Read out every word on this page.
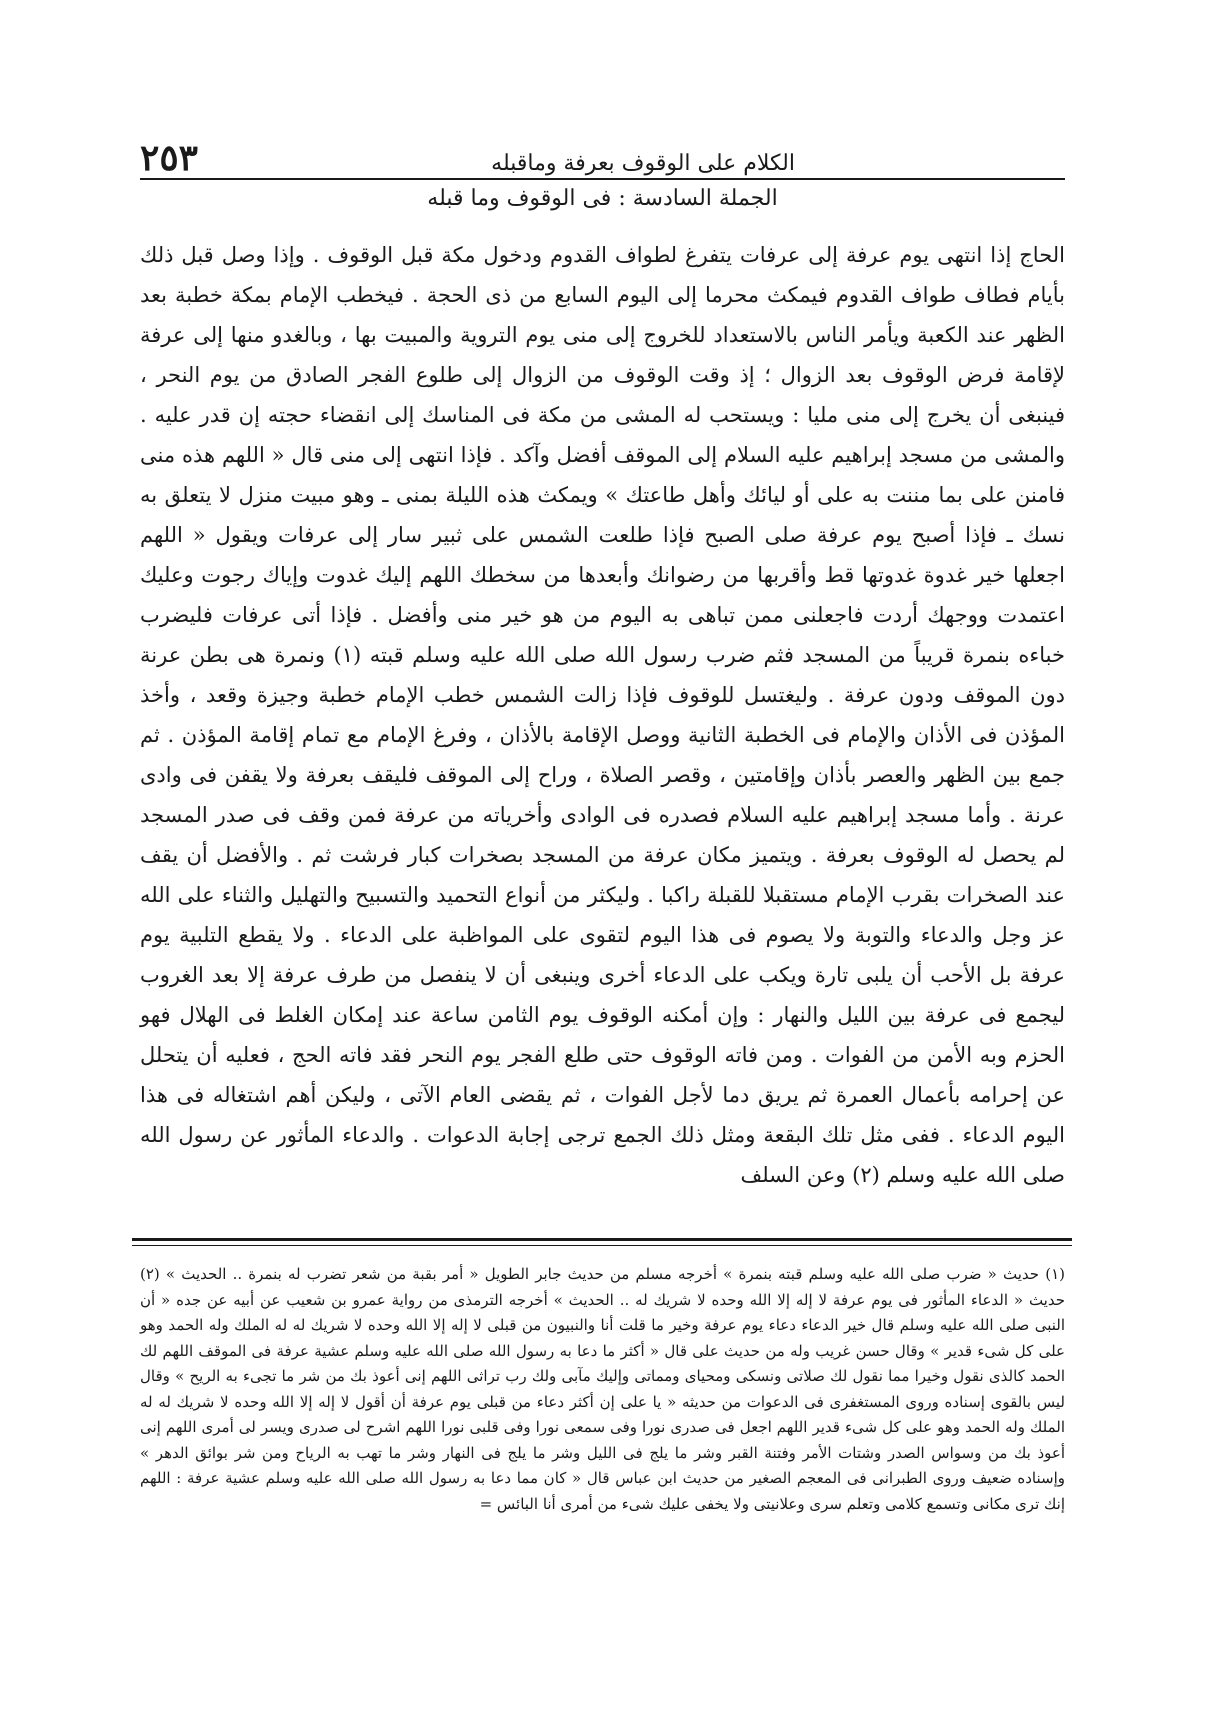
الكلام على الوقوف بعرفة وماقبله
٢٥٣
الجملة السادسة : فى الوقوف وما قبله

الحاج إذا انتهى يوم عرفة إلى عرفات يتفرغ لطواف القدوم ودخول مكة قبل الوقوف . وإذا وصل قبل ذلك بأيام فطاف طواف القدوم فيمكث محرما إلى اليوم السابع من ذى الحجة . فيخطب الإمام بمكة خطبة بعد الظهر عند الكعبة ويأمر الناس بالاستعداد للخروج إلى منى يوم التروية والمبيت بها ، وبالغدو منها إلى عرفة لإقامة فرض الوقوف بعد الزوال ؛ إذ وقت الوقوف من الزوال إلى طلوع الفجر الصادق من يوم النحر ، فينبغى أن يخرج إلى منى مليا : ويستحب له المشى من مكة فى المناسك إلى انقضاء حجته إن قدر عليه . والمشى من مسجد إبراهيم عليه السلام إلى الموقف أفضل وآكد . فإذا انتهى إلى منى قال « اللهم هذه منى فامنن على بما مننت به على أو ليائك وأهل طاعتك » ويمكث هذه الليلة بمنى ـ وهو مبيت منزل لا يتعلق به نسك ـ فإذا أصبح يوم عرفة صلى الصبح فإذا طلعت الشمس على ثبير سار إلى عرفات ويقول « اللهم اجعلها خير غدوة غدوتها قط وأقربها من رضوانك وأبعدها من سخطك اللهم إليك غدوت وإياك رجوت وعليك اعتمدت ووجهك أردت فاجعلنى ممن تباهى به اليوم من هو خير منى وأفضل . فإذا أتى عرفات فليضرب خباءه بنمرة قريباً من المسجد فثم ضرب رسول الله صلى الله عليه وسلم قبته (١) ونمرة هى بطن عرنة دون الموقف ودون عرفة . وليغتسل للوقوف فإذا زالت الشمس خطب الإمام خطبة وجيزة وقعد ، وأخذ المؤذن فى الأذان والإمام فى الخطبة الثانية ووصل الإقامة بالأذان ، وفرغ الإمام مع تمام إقامة المؤذن . ثم جمع بين الظهر والعصر بأذان وإقامتين ، وقصر الصلاة ، وراح إلى الموقف فليقف بعرفة ولا يقفن فى وادى عرنة . وأما مسجد إبراهيم عليه السلام فصدره فى الوادى وأخرياته من عرفة فمن وقف فى صدر المسجد لم يحصل له الوقوف بعرفة . ويتميز مكان عرفة من المسجد بصخرات كبار فرشت ثم . والأفضل أن يقف عند الصخرات بقرب الإمام مستقبلا للقبلة راكبا . وليكثر من أنواع التحميد والتسبيح والتهليل والثناء على الله عز وجل والدعاء والتوبة ولا يصوم فى هذا اليوم لتقوى على المواظبة على الدعاء . ولا يقطع التلبية يوم عرفة بل الأحب أن يلبى تارة ويكب على الدعاء أخرى وينبغى أن لا ينفصل من طرف عرفة إلا بعد الغروب ليجمع فى عرفة بين الليل والنهار : وإن أمكنه الوقوف يوم الثامن ساعة عند إمكان الغلط فى الهلال فهو الحزم وبه الأمن من الفوات . ومن فاته الوقوف حتى طلع الفجر يوم النحر فقد فاته الحج ، فعليه أن يتحلل عن إحرامه بأعمال العمرة ثم يريق دما لأجل الفوات ، ثم يقضى العام الآتى ، وليكن أهم اشتغاله فى هذا اليوم الدعاء . ففى مثل تلك البقعة ومثل ذلك الجمع ترجى إجابة الدعوات . والدعاء المأثور عن رسول الله صلى الله عليه وسلم (٢) وعن السلف

(١) حديث « ضرب صلى الله عليه وسلم قبته بنمرة » أخرجه مسلم من حديث جابر الطويل « أمر بقبة من شعر تضرب له بنمرة .. الحديث » (٢) حديث « الدعاء المأثور فى يوم عرفة لا إله إلا الله وحده لا شريك له .. الحديث » أخرجه الترمذى من رواية عمرو بن شعيب عن أبيه عن جده « أن النبى صلى الله عليه وسلم قال خير الدعاء دعاء يوم عرفة وخير ما قلت أنا والنبيون من قبلى لا إله إلا الله وحده لا شريك له له الملك وله الحمد وهو على كل شىء قدير » وقال حسن غريب وله من حديث على قال « أكثر ما دعا به رسول الله صلى الله عليه وسلم عشية عرفة فى الموقف اللهم لك الحمد كالذى نقول وخيرا مما نقول لك صلاتى ونسكى ومحياى ومماتى وإليك مآبى ولك رب تراثى اللهم إنى أعوذ بك من شر ما تجىء به الريح » وقال ليس بالقوى إسناده وروى المستغفرى فى الدعوات من حديثه « يا على إن أكثر دعاء من قبلى يوم عرفة أن أقول لا إله إلا الله وحده لا شريك له له الملك وله الحمد وهو على كل شىء قدير اللهم اجعل فى صدرى نورا وفى سمعى نورا وفى قلبى نورا اللهم اشرح لى صدرى ويسر لى أمرى اللهم إنى أعوذ بك من وسواس الصدر وشتات الأمر وفتنة القبر وشر ما يلج فى الليل وشر ما يلج فى النهار وشر ما تهب به الرياح ومن شر بوائق الدهر » وإسناده ضعيف وروى الطبرانى فى المعجم الصغير من حديث ابن عباس قال « كان مما دعا به رسول الله صلى الله عليه وسلم عشية عرفة : اللهم إنك ترى مكانى وتسمع كلامى وتعلم سرى وعلانيتى ولا يخفى عليك شىء من أمرى أنا البائس =
